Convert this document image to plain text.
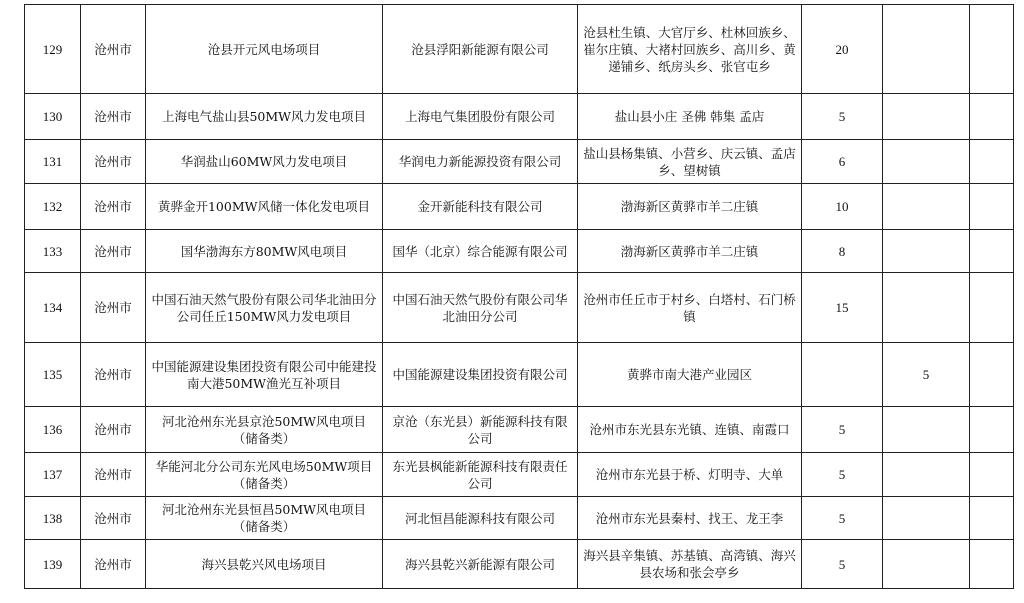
129	沧州市	沧县开元风电场项目	沧县浮阳新能源有限公司	沧县杜生镇、大官厅乡、杜林回族乡、崔尔庄镇、大褚村回族乡、高川乡、黄递铺乡、纸房头乡、张官屯乡	20		
130	沧州市	上海电气盐山县50MW风力发电项目	上海电气集团股份有限公司	盐山县小庄 圣佛 韩集 孟店	5		
131	沧州市	华润盐山60MW风力发电项目	华润电力新能源投资有限公司	盐山县杨集镇、小营乡、庆云镇、孟店乡、望树镇	6		
132	沧州市	黄骅金开100MW风储一体化发电项目	金开新能科技有限公司	渤海新区黄骅市羊二庄镇	10		
133	沧州市	国华渤海东方80MW风电项目	国华（北京）综合能源有限公司	渤海新区黄骅市羊二庄镇	8		
134	沧州市	中国石油天然气股份有限公司华北油田分公司任丘150MW风力发电项目	中国石油天然气股份有限公司华北油田分公司	沧州市任丘市于村乡、白塔村、石门桥镇	15		
135	沧州市	中国能源建设集团投资有限公司中能建投南大港50MW渔光互补项目	中国能源建设集团投资有限公司	黄骅市南大港产业园区		5	
136	沧州市	河北沧州东光县京沧50MW风电项目（储备类）	京沧（东光县）新能源科技有限公司	沧州市东光县东光镇、连镇、南霞口	5		
137	沧州市	华能河北分公司东光风电场50MW项目（储备类）	东光县枫能新能源科技有限责任公司	沧州市东光县于桥、灯明寺、大单	5		
138	沧州市	河北沧州东光县恒昌50MW风电项目（储备类）	河北恒昌能源科技有限公司	沧州市东光县秦村、找王、龙王李	5		
139	沧州市	海兴县乾兴风电场项目	海兴县乾兴新能源有限公司	海兴县辛集镇、苏基镇、高湾镇、海兴县农场和张会亭乡	5		
